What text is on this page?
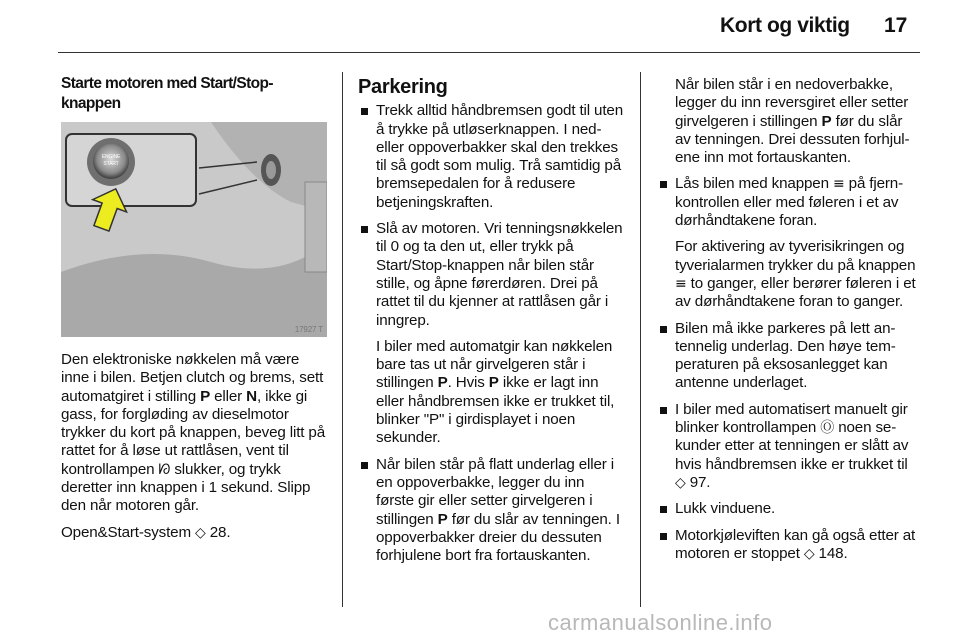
Kort og viktig 17
Starte motoren med Start/Stop-knappen
ENGINE
START
17927 T

Den elektroniske nøkkelen må være inne i bilen. Betjen clutch og brems, sett automatgiret i stilling P eller N, ikke gi gass, for forgløding av dieselmotor trykker du kort på knappen, beveg litt på rattet for å løse ut rattlåsen, vent til kontrollampen ᘗ slukker, og trykk deretter inn knappen i 1 sekund. Slipp den når motoren går.

Open&Start-system ◇ 28.

Parkering
Trekk alltid håndbremsen godt til uten å trykke på utløserknappen. I ned- eller oppoverbakker skal den trekkes til så godt som mulig. Trå samtidig på bremsepedalen for å redusere betjeningskraften.
Slå av motoren. Vri tenningsnøkkelen til 0 og ta den ut, eller trykk på Start/Stop-knappen når bilen står stille, og åpne førerdøren. Drei på rattet til du kjenner at rattlåsen går i inngrep.
I biler med automatgir kan nøkkelen bare tas ut når girvelgeren står i stillingen P. Hvis P ikke er lagt inn eller håndbremsen ikke er trukket til, blinker "P" i girdisplayet i noen sekunder.
Når bilen står på flatt underlag eller i en oppoverbakke, legger du inn første gir eller setter girvelgeren i stillingen P før du slår av tenningen. I oppoverbakker dreier du dessuten forhjulene bort fra fortauskanten.
Når bilen står i en nedoverbakke, legger du inn reversgiret eller setter girvelgeren i stillingen P før du slår av tenningen. Drei dessuten forhjulene inn mot fortauskanten.
Lås bilen med knappen ≡ på fjernkontrollen eller med føleren i et av dørhåndtakene foran.
For aktivering av tyverisikringen og tyverialarmen trykker du på knappen ≡ to ganger, eller berører føleren i et av dørhåndtakene foran to ganger.
Bilen må ikke parkeres på lett antennelig underlag. Den høye temperaturen på eksosanlegget kan antenne underlaget.
I biler med automatisert manuelt gir blinker kontrollampen Ⓞ noen sekunder etter at tenningen er slått av hvis håndbremsen ikke er trukket til ◇ 97.
Lukk vinduene.
Motorkjøleviften kan gå også etter at motoren er stoppet ◇ 148.
carmanualsonline.info
